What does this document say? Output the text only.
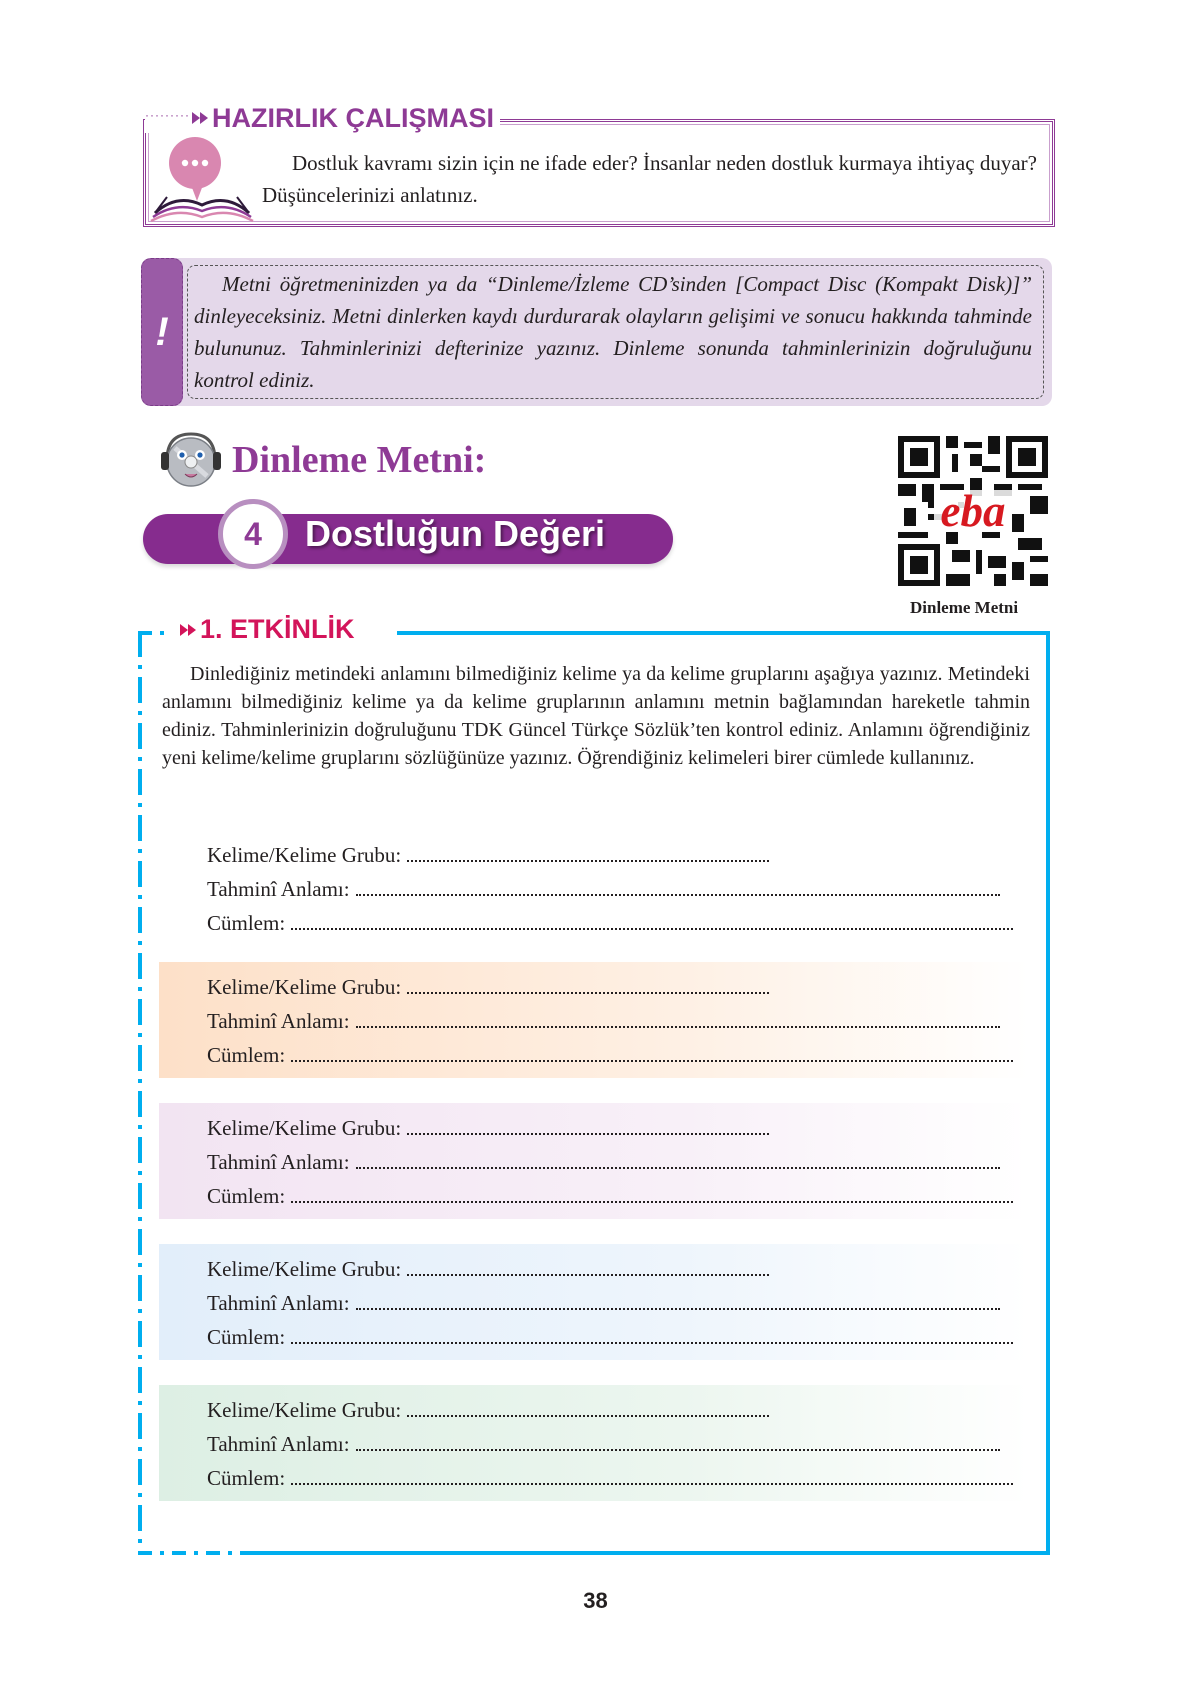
········· HAZIRLIK ÇALIŞMASI

Dostluk kavramı sizin için ne ifade eder? İnsanlar neden dostluk kurmaya ihtiyaç duyar? Düşüncelerinizi anlatınız.

!

Metni öğretmeninizden ya da “Dinleme/İzleme CD’sinden [Compact Disc (Kompakt Disk)]” dinleyeceksiniz. Metni dinlerken kaydı durdurarak olayların gelişimi ve sonucu hakkında tahminde bulununuz. Tahminlerinizi defterinize yazınız. Dinleme sonunda tahminlerinizin doğruluğunu kontrol ediniz.

Dinleme Metni:
4	Dostluğun Değeri	eba
Dinleme Metni
1. ETKİNLİK

Dinlediğiniz metindeki anlamını bilmediğiniz kelime ya da kelime gruplarını aşağıya yazınız. Metindeki anlamını bilmediğiniz kelime ya da kelime gruplarının anlamını metnin bağlamından hareketle tahmin ediniz. Tahminlerinizin doğruluğunu TDK Güncel Türkçe Sözlük’ten kontrol ediniz. Anlamını öğrendiğiniz yeni kelime/kelime gruplarını sözlüğünüze yazınız. Öğrendiğiniz kelimeleri birer cümlede kullanınız.

Kelime/Kelime Grubu:
Tahminî Anlamı:
Cümlem:
Kelime/Kelime Grubu:
Tahminî Anlamı:
Cümlem:
Kelime/Kelime Grubu:
Tahminî Anlamı:
Cümlem:
Kelime/Kelime Grubu:
Tahminî Anlamı:
Cümlem:
Kelime/Kelime Grubu:
Tahminî Anlamı:
Cümlem:
38
